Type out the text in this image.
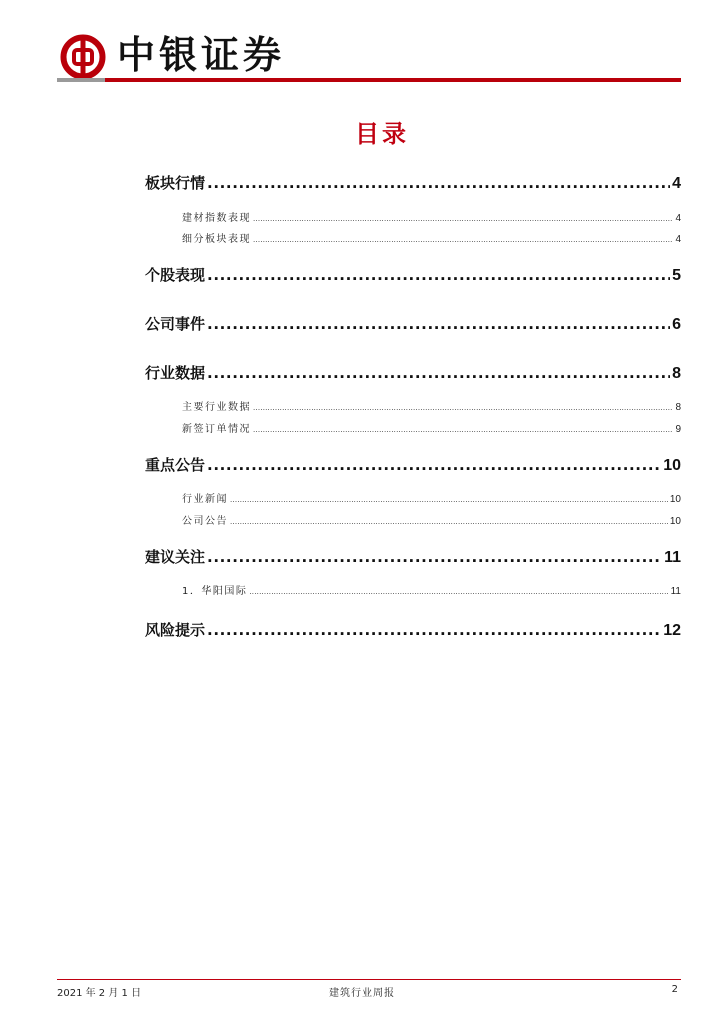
中银证券
目录
板块行情 .....	4
建材指数表现 .....	4
细分板块表现 .....	4
个股表现 .....	5
公司事件 .....	6
行业数据 .....	8
主要行业数据 .....	8
新签订单情况 .....	9
重点公告 .....	10
行业新闻 .....	10
公司公告 .....	10
建议关注 .....	11
1．华阳国际 .....	11
风险提示 .....	12
2021 年 2 月 1 日	建筑行业周报	2
